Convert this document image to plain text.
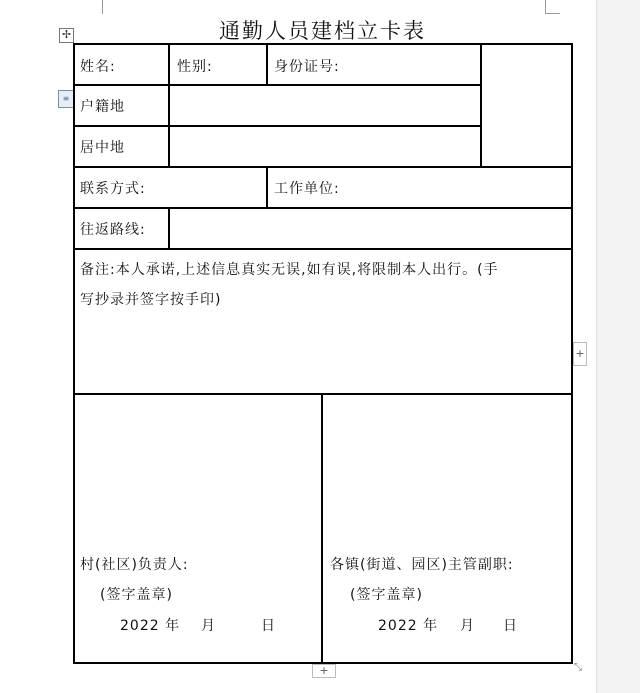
通勤人员建档立卡表
✢
≡
姓名:	性别:	身份证号:
户籍地
居中地
联系方式:	工作单位:
往返路线:
备注:本人承诺,上述信息真实无误,如有误,将限制本人出行。(手
写抄录并签字按手印)
村(社区)负责人:
(签字盖章)
2022 年 月	日
各镇(街道、园区)主管副职:
(签字盖章)
2022 年 月 日
+
+	⤡
